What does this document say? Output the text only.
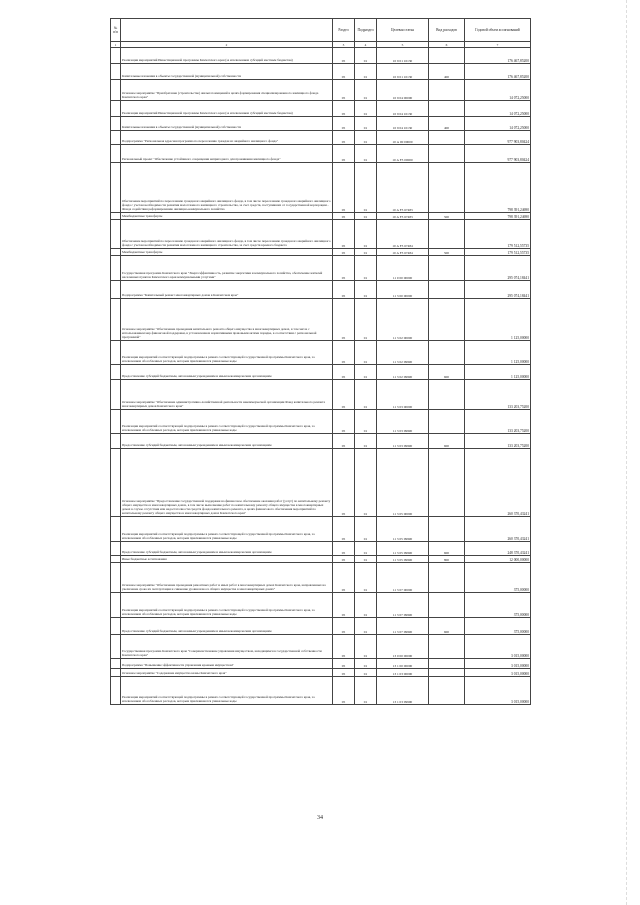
№ п/п		Раздел	Подраздел	Целевая статья	Вид расходов	Годовой объем ассигнований
1	2	3	4	5	6	7
	Реализация мероприятий Инвестиционной программы Камчатского края (за исключением субсидий местным бюджетам)	05	01	10 9 01 10130		176 467,85200
	Капитальные вложения в объекты государственной (муниципальной) собственности	05	01	10 9 01 10130	400	176 467,85200
	Основное мероприятие "Приобретение (строительство) жилых помещений в целях формирования специализированного жилищного фонда Камчатского края"	05	01	10 9 04 00000		14 072,25000
	Реализация мероприятий Инвестиционной программы Камчатского края (за исключением субсидий местным бюджетам)	05	01	10 9 04 10130		14 072,25000
	Капитальные вложения в объекты государственной (муниципальной) собственности	05	01	10 9 04 10130	400	14 072,25000
	Подпрограмма "Региональная адресная программа по переселению граждан из аварийного жилищного фонда"	05	01	10 А 00 00000		977 903,80424
	Региональный проект "Обеспечение устойчивого сокращения непригодного для проживания жилищного фонда"	05	01	10 А F3 00000		977 903,80424
	Обеспечение мероприятий по переселению граждан из аварийного жилищного фонда, в том числе переселению граждан из аварийного жилищного фонда с учетом необходимости развития малоэтажного жилищного строительства, за счет средств, поступивших от государственной корпорации - Фонда содействия реформированию жилищно-коммунального хозяйства	05	01	10 А F3 67483		798 391,24690
	Межбюджетные трансферты	05	01	10 А F3 67483	500	798 391,24690
	Обеспечение мероприятий по переселению граждан из аварийного жилищного фонда, в том числе переселению граждан из аварийного жилищного фонда с учетом необходимости развития малоэтажного жилищного строительства, за счет средств краевого бюджета	05	01	10 А F3 67484		179 512,55735
	Межбюджетные трансферты	05	01	10 А F3 67484	500	179 512,55735
	Государственная программа Камчатского края "Энергоэффективность, развитие энергетики и коммунального хозяйства, обеспечение жителей населенных пунктов Камчатского края коммунальными услугами"	05	01	11 0 00 00000		295 074,18441
	Подпрограмма "Капитальный ремонт многоквартирных домов в Камчатском крае"	05	01	11 3 00 00000		295 074,18441
	Основное мероприятие "Обеспечение проведения капитального ремонта общего имущества в многоквартирных домах, в том числе с использованием мер финансовой поддержки, в установленном нормативными правовыми актами порядке, в соответствии с региональной программой"	05	01	11 3 02 00000		1 125,00000
	Реализация мероприятий соответствующей подпрограммы в рамках соответствующей государственной программы Камчатского края, за исключением обособленных расходов, которым присваиваются уникальные коды	05	01	11 3 02 09990		1 125,00000
	Предоставление субсидий бюджетным, автономным учреждениям и иным некоммерческим организациям	05	01	11 3 02 09990	600	1 125,00000
	Основное мероприятие "Обеспечение административно-хозяйственной деятельности некоммерческой организации Фонд капитального ремонта многоквартирных домов Камчатского края"	05	01	11 3 03 00000		133 203,75200
	Реализация мероприятий соответствующей подпрограммы в рамках соответствующей государственной программы Камчатского края, за исключением обособленных расходов, которым присваиваются уникальные коды	05	01	11 3 03 09990		133 203,75200
	Предоставление субсидий бюджетным, автономным учреждениям и иным некоммерческим организациям	05	01	11 3 03 09990	600	133 203,75200
	Основное мероприятие "Предоставление государственной поддержки на финансовое обеспечение оказания работ (услуг) по капитальному ремонту общего имущества в многоквартирных домах, в том числе выполнение работ по капитальному ремонту общего имущества в многоквартирных домах в случае отсутствия или недостаточности средств фонда капитального ремонта, в целях финансового обеспечения мероприятий по капитальному ремонту общего имущества в многоквартирных домах Камчатского края"	05	01	11 3 05 00000		260 370,43241
	Реализация мероприятий соответствующей подпрограммы в рамках соответствующей государственной программы Камчатского края, за исключением обособленных расходов, которым присваиваются уникальные коды	05	01	11 3 05 09990		260 370,43241
	Предоставление субсидий бюджетным, автономным учреждениям и иным некоммерческим организациям	05	01	11 3 05 09990	600	248 370,43241
	Иные бюджетные ассигнования	05	01	11 3 05 09990	800	12 000,00000
	Основное мероприятие "Обеспечение проведения ремонтных работ и иных работ в многоквартирных домах Камчатского края, направленных на увеличение срока их эксплуатации и снижение уровня износа общего имущества в многоквартирных домах"	05	01	11 3 07 00000		375,00000
	Реализация мероприятий соответствующей подпрограммы в рамках соответствующей государственной программы Камчатского края, за исключением обособленных расходов, которым присваиваются уникальные коды	05	01	11 3 07 09990		375,00000
	Предоставление субсидий бюджетным, автономным учреждениям и иным некоммерческим организациям	05	01	11 3 07 09990	600	375,00000
	Государственная программа Камчатского края "Совершенствование управления имуществом, находящимся в государственной собственности Камчатского края"	05	01	13 0 00 00000		3 015,00000
	Подпрограмма "Повышение эффективности управления краевым имуществом"	05	01	13 1 00 00000		3 015,00000
	Основное мероприятие "Содержание имущества казны Камчатского края"	05	01	13 1 03 00000		3 015,00000
	Реализация мероприятий соответствующей подпрограммы в рамках соответствующей государственной программы Камчатского края, за исключением обособленных расходов, которым присваиваются уникальные коды	05	01	13 1 03 09990		3 015,00000
34
